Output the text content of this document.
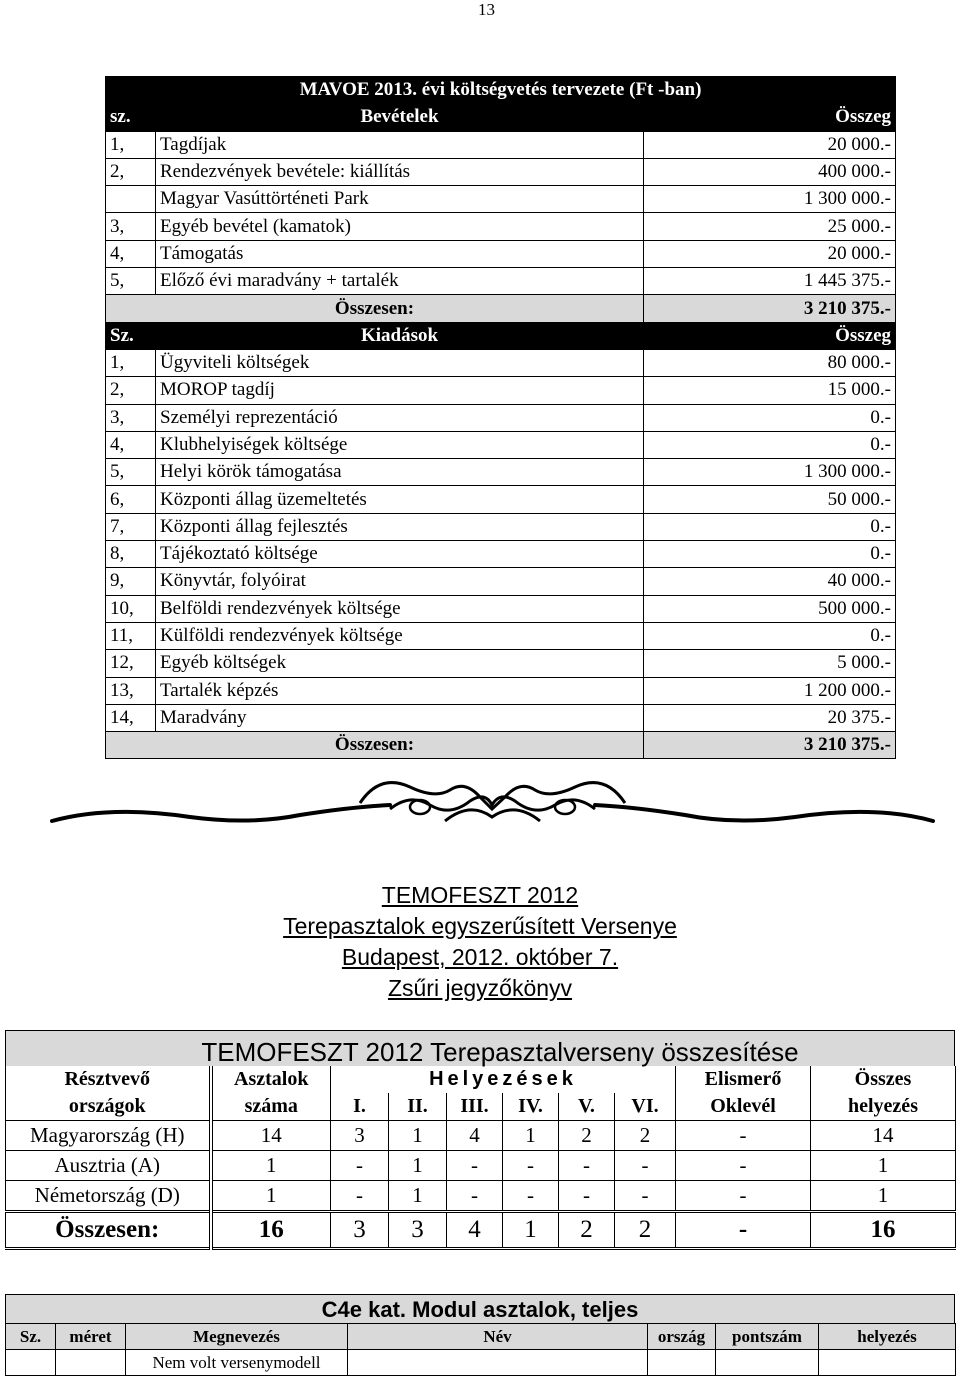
13
MAVOE 2013. évi költségvetés tervezete (Ft -ban)		
sz.	Bevételek	Összeg
1,	Tagdíjak	20 000.-
2,	Rendezvények bevétele: kiállítás	400 000.-
	Magyar Vasúttörténeti Park	1 300 000.-
3,	Egyéb bevétel (kamatok)	25 000.-
4,	Támogatás	20 000.-
5,	Előző évi maradvány + tartalék	1 445 375.-
Összesen:		3 210 375.-
Sz.	Kiadások	Összeg
1,	Ügyviteli költségek	80 000.-
2,	MOROP tagdíj	15 000.-
3,	Személyi reprezentáció	0.-
4,	Klubhelyiségek költsége	0.-
5,	Helyi körök támogatása	1 300 000.-
6,	Központi állag üzemeltetés	50 000.-
7,	Központi állag fejlesztés	0.-
8,	Tájékoztató költsége	0.-
9,	Könyvtár, folyóirat	40 000.-
10,	Belföldi rendezvények költsége	500 000.-
11,	Külföldi rendezvények költsége	0.-
12,	Egyéb költségek	5 000.-
13,	Tartalék képzés	1 200 000.-
14,	Maradvány	20 375.-
Összesen:		3 210 375.-
TEMOFESZT 2012
Terepasztalok egyszerűsített Versenye
Budapest, 2012. október 7.
Zsűri jegyzőkönyv
TEMOFESZT 2012 Terepasztalverseny összesítése
Résztvevő	Asztalok	Helyezések						Elismerő	Összes
országok	száma	I.	II.	III.	IV.	V.	VI.	Oklevél	helyezés
Magyarország (H)	14	3	1	4	1	2	2	-	14
Ausztria (A)	1	-	1	-	-	-	-	-	1
Németország (D)	1	-	1	-	-	-	-	-	1
Összesen:	16	3	3	4	1	2	2	-	16
C4e kat. Modul asztalok, teljes
Sz.	méret	Megnevezés	Név	ország	pontszám	helyezés
		Nem volt versenymodell				
